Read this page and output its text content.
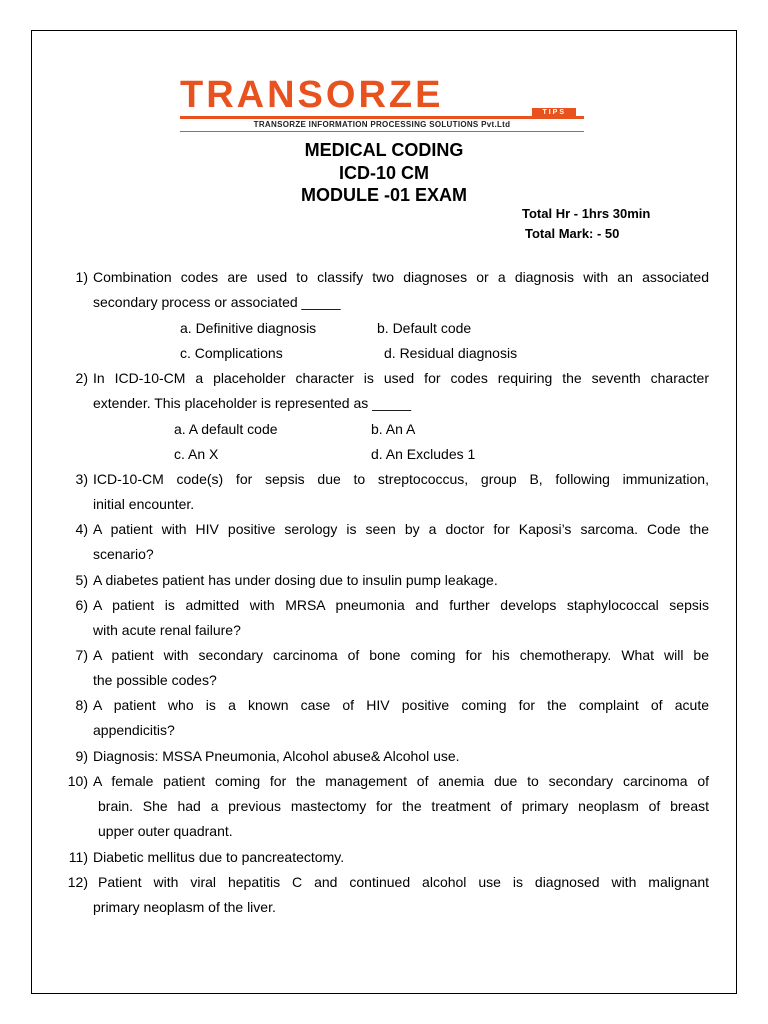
TRANSORZE	TIPS
TRANSORZE INFORMATION PROCESSING SOLUTIONS Pvt.Ltd
MEDICAL CODING
ICD-10 CM
MODULE -01 EXAM
Total Hr - 1hrs 30min
Total Mark: - 50
1) Combination codes are used to classify two diagnoses or a diagnosis with an associated
secondary process or associated _____
a. Definitive diagnosis	b. Default code
c. Complications	d. Residual diagnosis
2) In ICD-10-CM a placeholder character is used for codes requiring the seventh character
extender. This placeholder is represented as _____
a. A default code	b. An A
c. An X	d. An Excludes 1
3) ICD-10-CM code(s) for sepsis due to streptococcus, group B, following immunization,
initial encounter.
4) A patient with HIV positive serology is seen by a doctor for Kaposi’s sarcoma. Code the
scenario?
5) A diabetes patient has under dosing due to insulin pump leakage.
6) A patient is admitted with MRSA pneumonia and further develops staphylococcal sepsis
with acute renal failure?
7) A patient with secondary carcinoma of bone coming for his chemotherapy. What will be
the possible codes?
8) A patient who is a known case of HIV positive coming for the complaint of acute
appendicitis?
9) Diagnosis: MSSA Pneumonia, Alcohol abuse& Alcohol use.
10) A female patient coming for the management of anemia due to secondary carcinoma of
brain. She had a previous mastectomy for the treatment of primary neoplasm of breast
upper outer quadrant.
11) Diabetic mellitus due to pancreatectomy.
12) Patient with viral hepatitis C and continued alcohol use is diagnosed with malignant
primary neoplasm of the liver.
